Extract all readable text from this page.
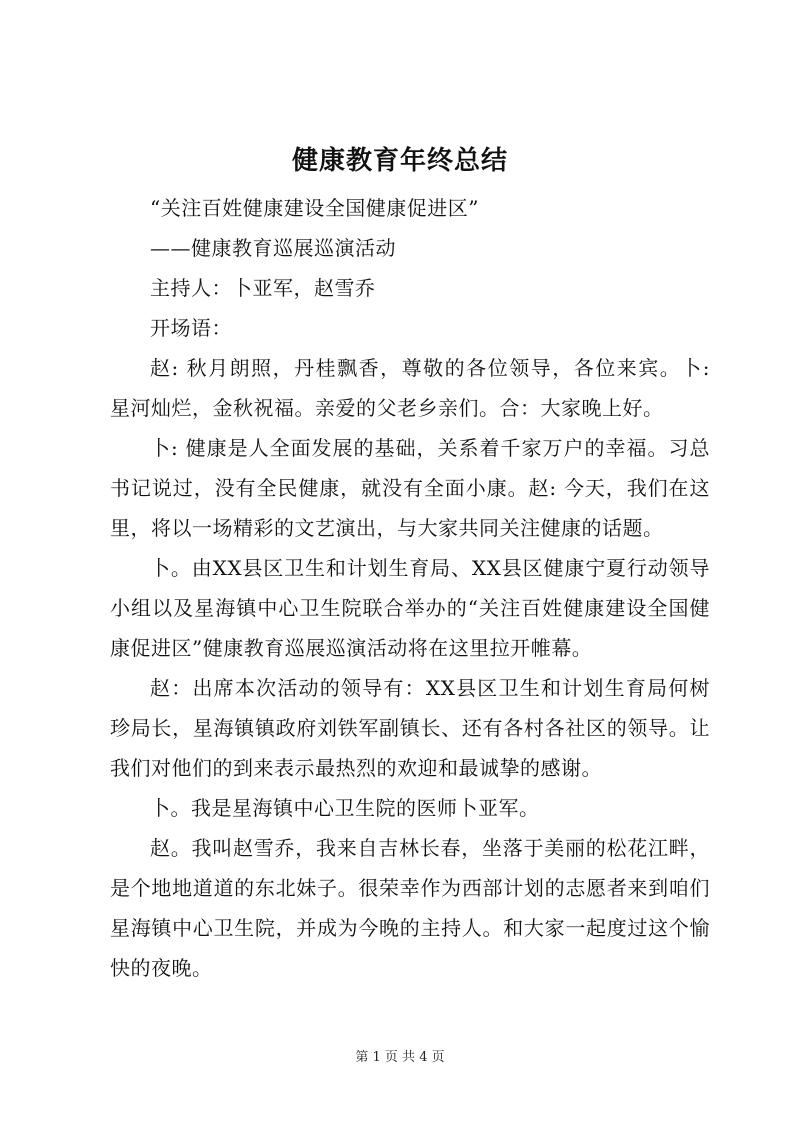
健康教育年终总结

“关注百姓健康建设全国健康促进区”

——健康教育巡展巡演活动

主持人：卜亚军，赵雪乔

开场语：

赵: 秋月朗照，丹桂飘香，尊敬的各位领导，各位来宾。卜: 星河灿烂，金秋祝福。亲爱的父老乡亲们。合：大家晚上好。

卜: 健康是人全面发展的基础，关系着千家万户的幸福。习总书记说过，没有全民健康，就没有全面小康。赵: 今天，我们在这里，将以一场精彩的文艺演出，与大家共同关注健康的话题。

卜。由XX县区卫生和计划生育局、XX县区健康宁夏行动领导小组以及星海镇中心卫生院联合举办的“关注百姓健康建设全国健康促进区”健康教育巡展巡演活动将在这里拉开帷幕。

赵：出席本次活动的领导有：XX县区卫生和计划生育局何树珍局长，星海镇镇政府刘铁军副镇长、还有各村各社区的领导。让我们对他们的到来表示最热烈的欢迎和最诚挚的感谢。

卜。我是星海镇中心卫生院的医师卜亚军。

赵。我叫赵雪乔，我来自吉林长春，坐落于美丽的松花江畔，是个地地道道的东北妹子。很荣幸作为西部计划的志愿者来到咱们星海镇中心卫生院，并成为今晚的主持人。和大家一起度过这个愉快的夜晚。

第 1 页 共 4 页
